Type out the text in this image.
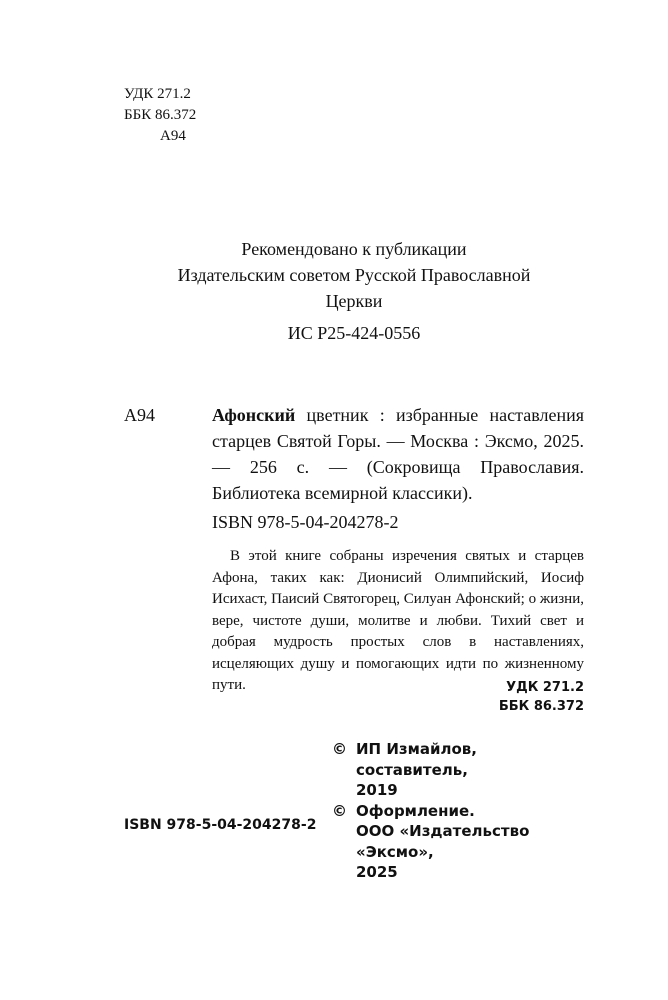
УДК 271.2
ББК 86.372
А94
Рекомендовано к публикации
Издательским советом Русской Православной
Церкви
ИС Р25-424-0556
А94	Афонский цветник : избранные наставления старцев Святой Горы. — Москва : Эксмо, 2025. — 256 с. — (Сокровища Православия. Библиотека всемирной классики).
ISBN 978-5-04-204278-2
В этой книге собраны изречения святых и старцев Афона, таких как: Дионисий Олимпийский, Иосиф Исихаст, Паисий Святогорец, Силуан Афонский; о жизни, вере, чистоте души, молитве и любви. Тихий свет и добрая мудрость простых слов в наставлениях, исцеляющих душу и помогающих идти по жизненному пути.	УДК 271.2
ББК 86.372
© ИП Измайлов, составитель,
2019
© Оформление.
ООО «Издательство «Эксмо»,
2025
ISBN 978-5-04-204278-2
